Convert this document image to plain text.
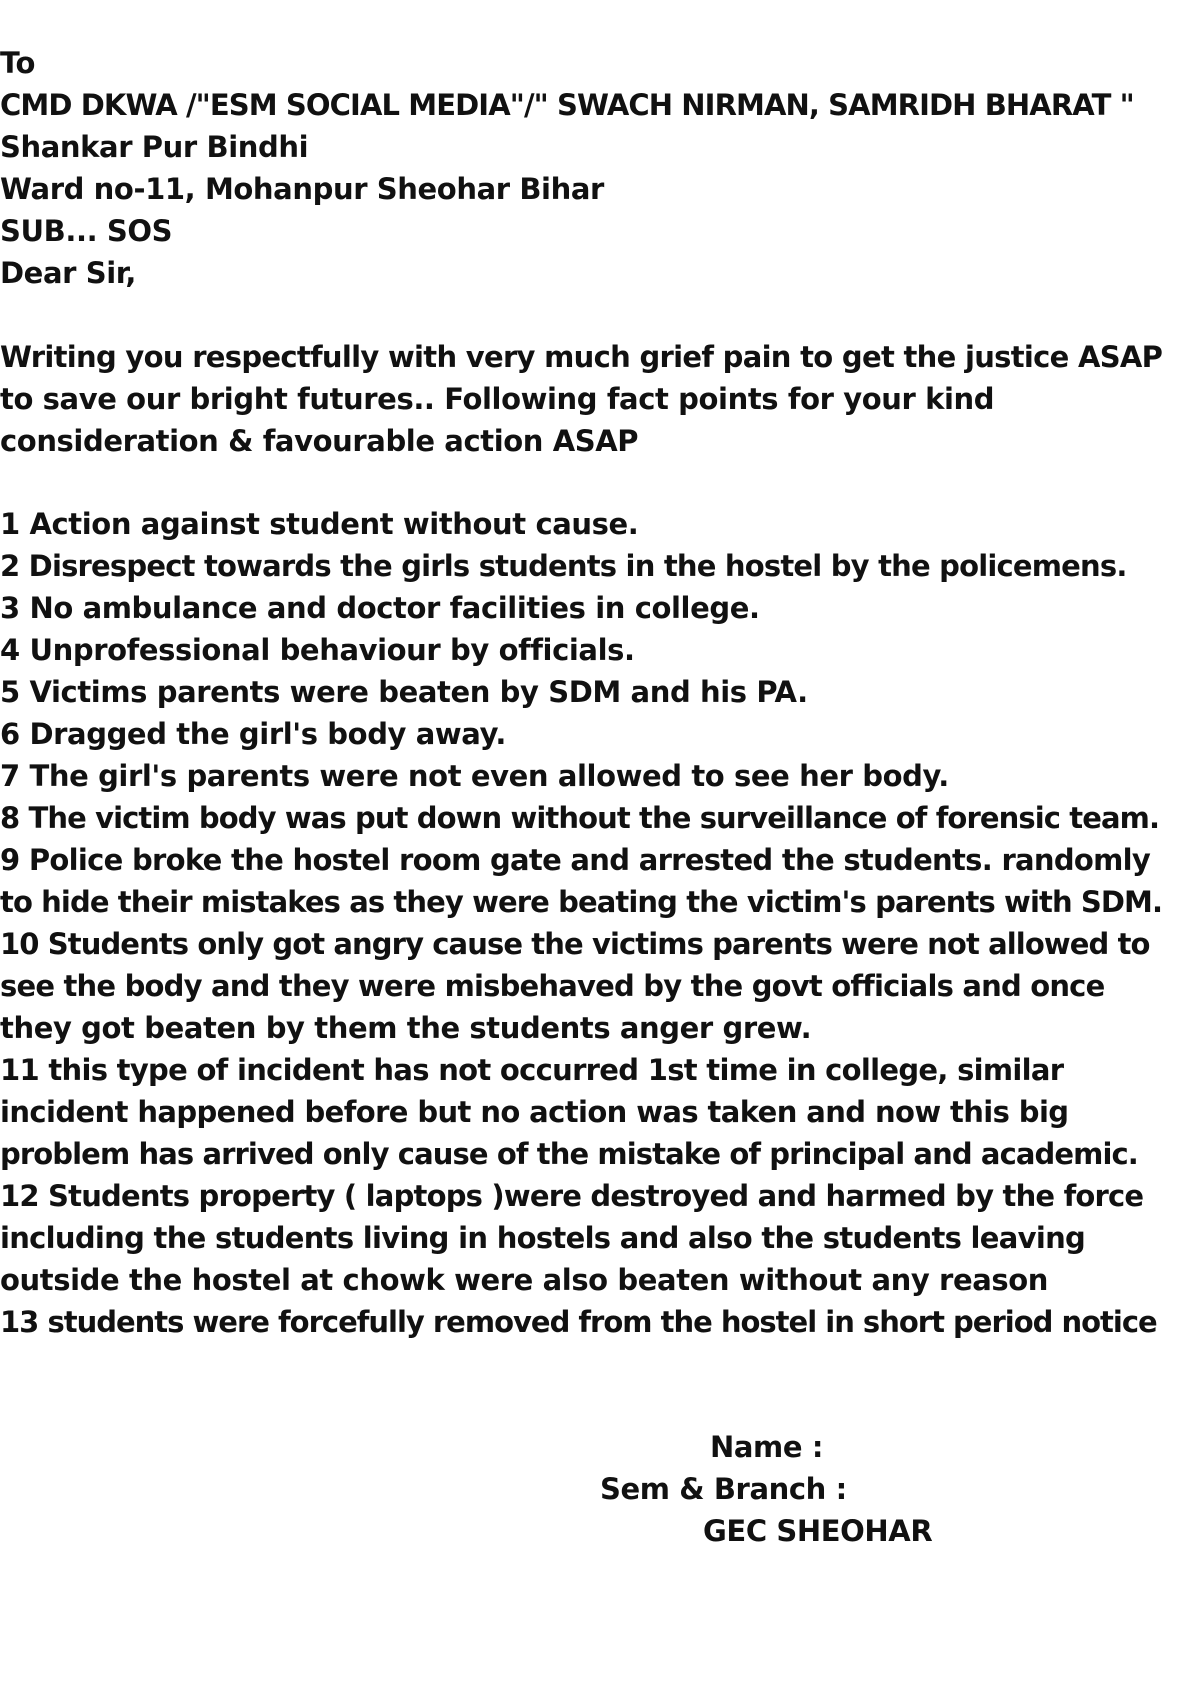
To

CMD DKWA /"ESM SOCIAL MEDIA"/" SWACH NIRMAN, SAMRIDH BHARAT "

Shankar Pur Bindhi

Ward no-11, Mohanpur Sheohar Bihar

SUB... SOS

Dear Sir,

Writing you respectfully with very much grief pain to get the justice ASAP

to save our bright futures.. Following fact points for your kind

consideration & favourable action ASAP

1 Action against student without cause.

2 Disrespect towards the girls students in the hostel by the policemens.

3 No ambulance and doctor facilities in college.

4 Unprofessional behaviour by officials.

5 Victims parents were beaten by SDM and his PA.

6 Dragged the girl's body away.

7 The girl's parents were not even allowed to see her body.

8 The victim body was put down without the surveillance of forensic team.

9 Police broke the hostel room gate and arrested the students. randomly

to hide their mistakes as they were beating the victim's parents with SDM.

10 Students only got angry cause the victims parents were not allowed to

see the body and they were misbehaved by the govt officials and once

they got beaten by them the students anger grew.

11 this type of incident has not occurred 1st time in college, similar

incident happened before but no action was taken and now this big

problem has arrived only cause of the mistake of principal and academic.

12 Students property ( laptops )were destroyed and harmed by the force

including the students living in hostels and also the students leaving

outside the hostel at chowk were also beaten without any reason

13 students were forcefully removed from the hostel in short period notice

Name :

Sem & Branch :

GEC SHEOHAR
